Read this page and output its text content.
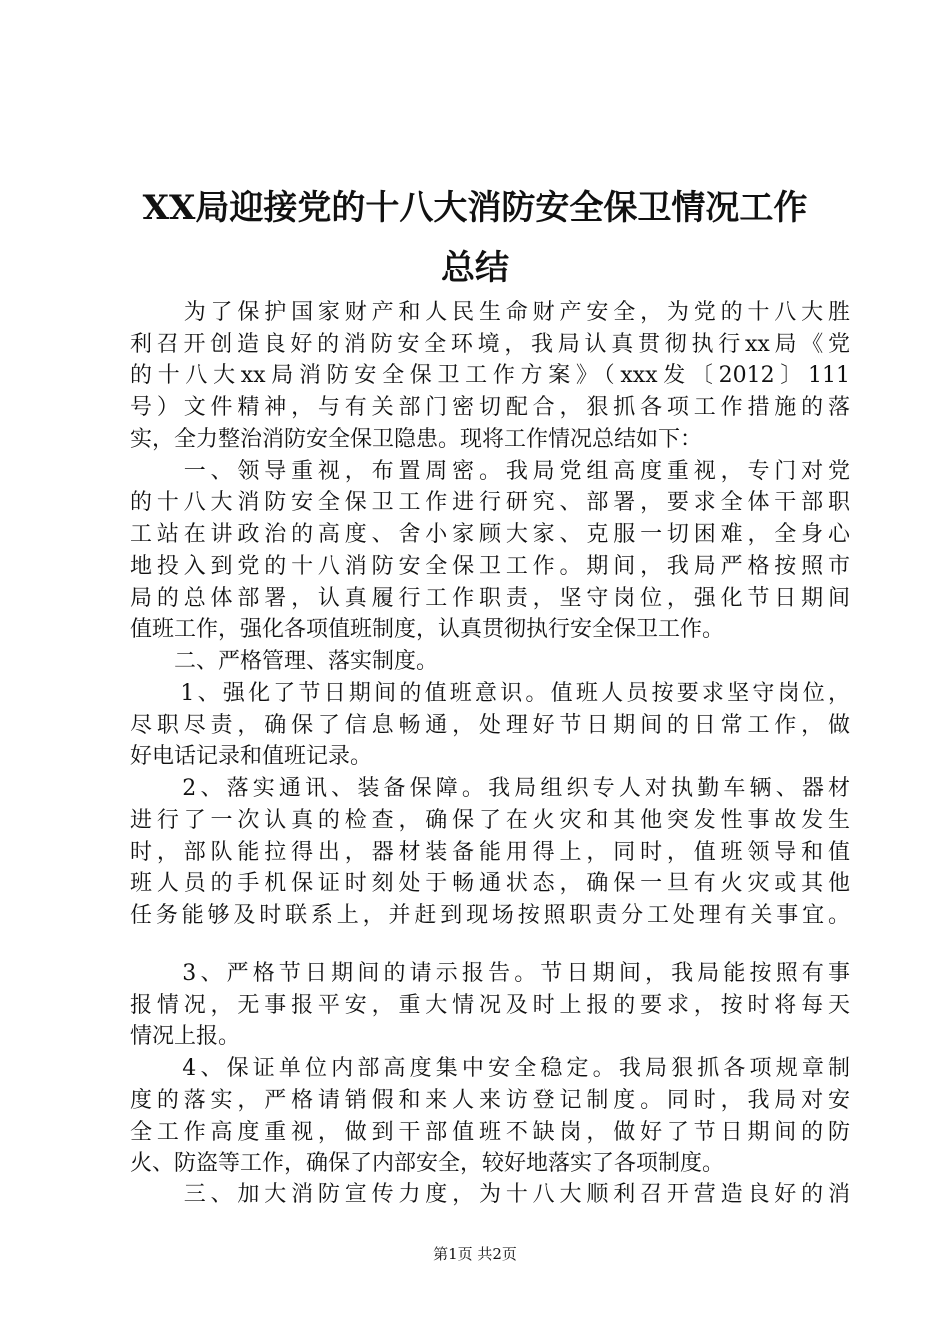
XX局迎接党的十八大消防安全保卫情况工作
总结
　　为了保护国家财产和人民生命财产安全，为党的十八大胜
利召开创造良好的消防安全环境，我局认真贯彻执行xx局《党
的十八大xx局消防安全保卫工作方案》（xxx发〔2012〕111
号）文件精神，与有关部门密切配合，狠抓各项工作措施的落
实，全力整治消防安全保卫隐患。现将工作情况总结如下：
　　一、领导重视，布置周密。我局党组高度重视，专门对党
的十八大消防安全保卫工作进行研究、部署，要求全体干部职
工站在讲政治的高度、舍小家顾大家、克服一切困难，全身心
地投入到党的十八消防安全保卫工作。期间，我局严格按照市
局的总体部署，认真履行工作职责，坚守岗位，强化节日期间
值班工作，强化各项值班制度，认真贯彻执行安全保卫工作。
　　二、严格管理、落实制度。
　　1、强化了节日期间的值班意识。值班人员按要求坚守岗位，
尽职尽责，确保了信息畅通，处理好节日期间的日常工作，做
好电话记录和值班记录。
　　2、落实通讯、装备保障。我局组织专人对执勤车辆、器材
进行了一次认真的检查，确保了在火灾和其他突发性事故发生
时，部队能拉得出，器材装备能用得上，同时，值班领导和值
班人员的手机保证时刻处于畅通状态，确保一旦有火灾或其他
任务能够及时联系上，并赶到现场按照职责分工处理有关事宜。
　　3、严格节日期间的请示报告。节日期间，我局能按照有事
报情况，无事报平安，重大情况及时上报的要求，按时将每天
情况上报。
　　4、保证单位内部高度集中安全稳定。我局狠抓各项规章制
度的落实，严格请销假和来人来访登记制度。同时，我局对安
全工作高度重视，做到干部值班不缺岗，做好了节日期间的防
火、防盗等工作，确保了内部安全，较好地落实了各项制度。
　　三、加大消防宣传力度，为十八大顺利召开营造良好的消
第1页 共2页
